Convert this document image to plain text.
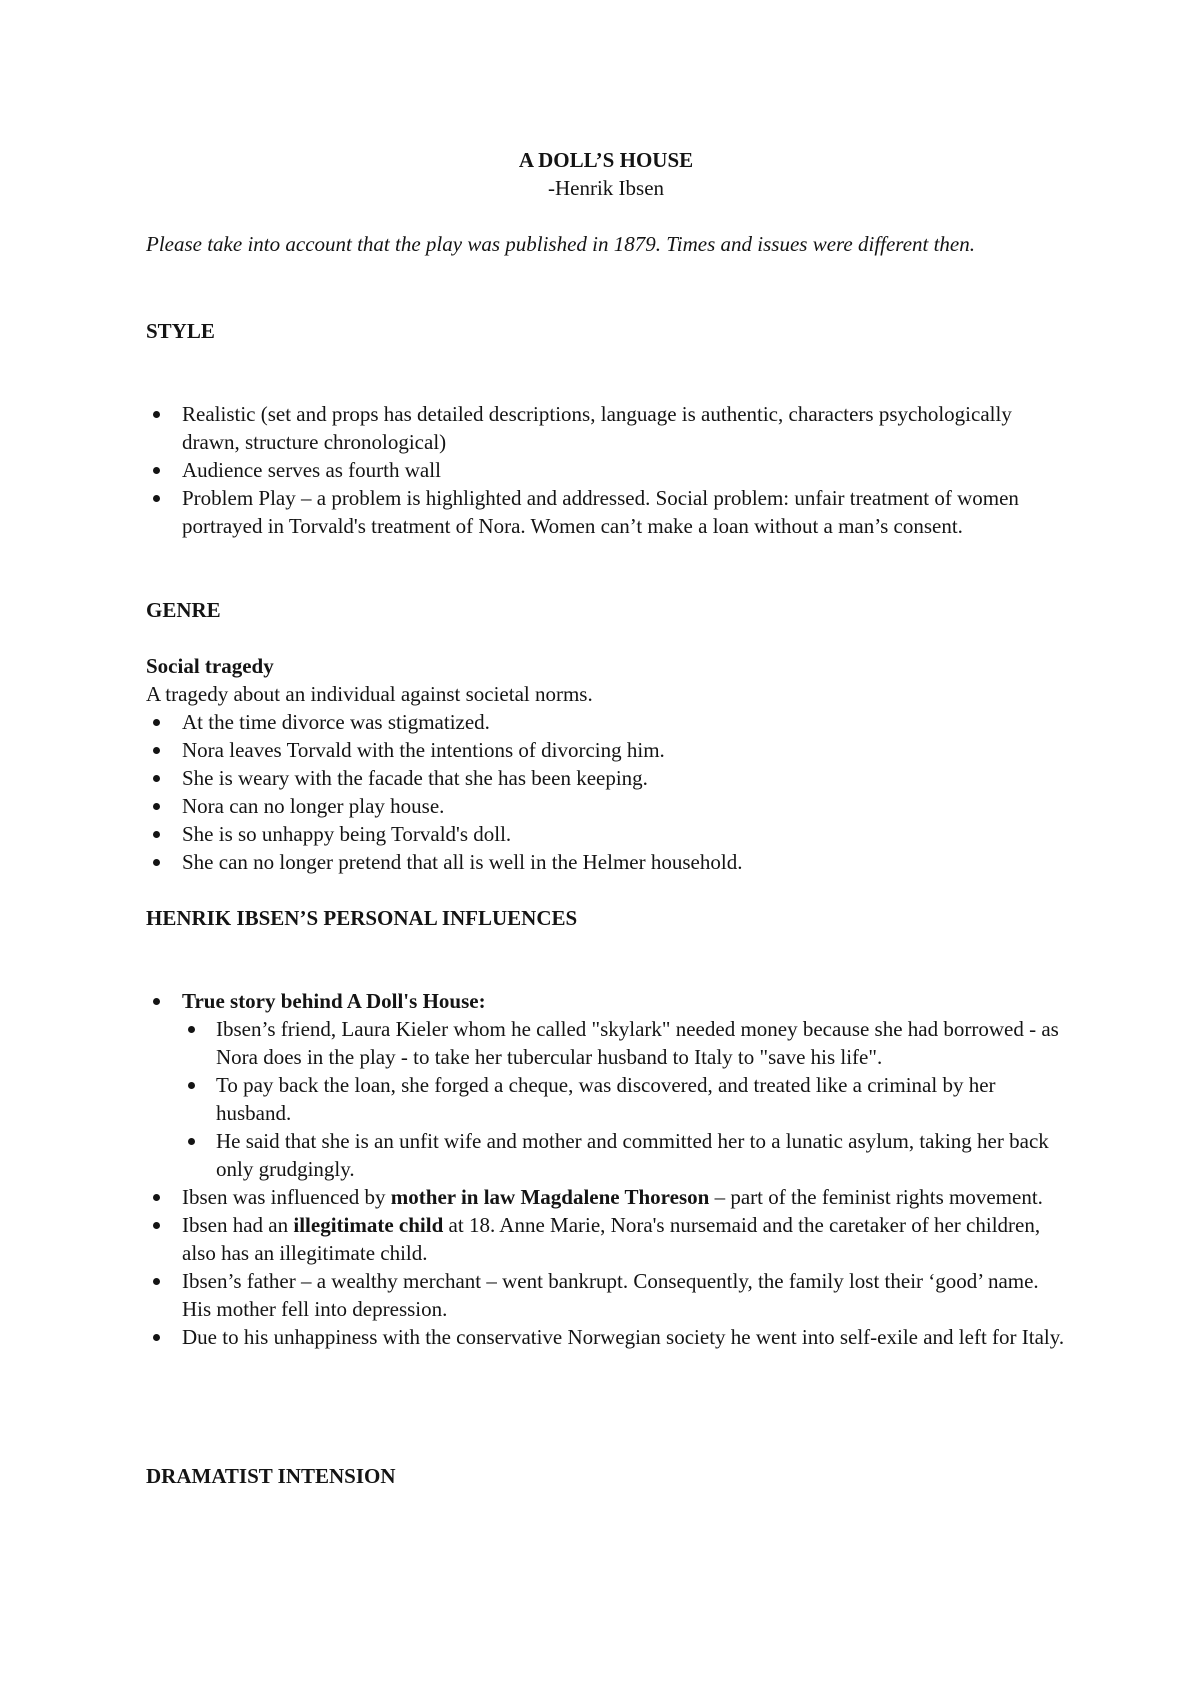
A DOLL’S HOUSE

-Henrik Ibsen

Please take into account that the play was published in 1879. Times and issues were different then.

STYLE

Realistic (set and props has detailed descriptions, language is authentic, characters psychologically drawn, structure chronological)
Audience serves as fourth wall
Problem Play – a problem is highlighted and addressed. Social problem: unfair treatment of women portrayed in Torvald's treatment of Nora. Women can’t make a loan without a man’s consent.

GENRE

Social tragedy

A tragedy about an individual against societal norms.

At the time divorce was stigmatized.
Nora leaves Torvald with the intentions of divorcing him.
She is weary with the facade that she has been keeping.
Nora can no longer play house.
She is so unhappy being Torvald's doll.
She can no longer pretend that all is well in the Helmer household.

HENRIK IBSEN’S PERSONAL INFLUENCES

True story behind A Doll's House:
Ibsen’s friend, Laura Kieler whom he called "skylark" needed money because she had borrowed - as Nora does in the play - to take her tubercular husband to Italy to "save his life".
To pay back the loan, she forged a cheque, was discovered, and treated like a criminal by her husband.
He said that she is an unfit wife and mother and committed her to a lunatic asylum, taking her back only grudgingly.
Ibsen was influenced by mother in law Magdalene Thoreson – part of the feminist rights movement.
Ibsen had an illegitimate child at 18. Anne Marie, Nora's nursemaid and the caretaker of her children, also has an illegitimate child.
Ibsen’s father – a wealthy merchant – went bankrupt. Consequently, the family lost their ‘good’ name. His mother fell into depression.
Due to his unhappiness with the conservative Norwegian society he went into self-exile and left for Italy.

DRAMATIST INTENSION
